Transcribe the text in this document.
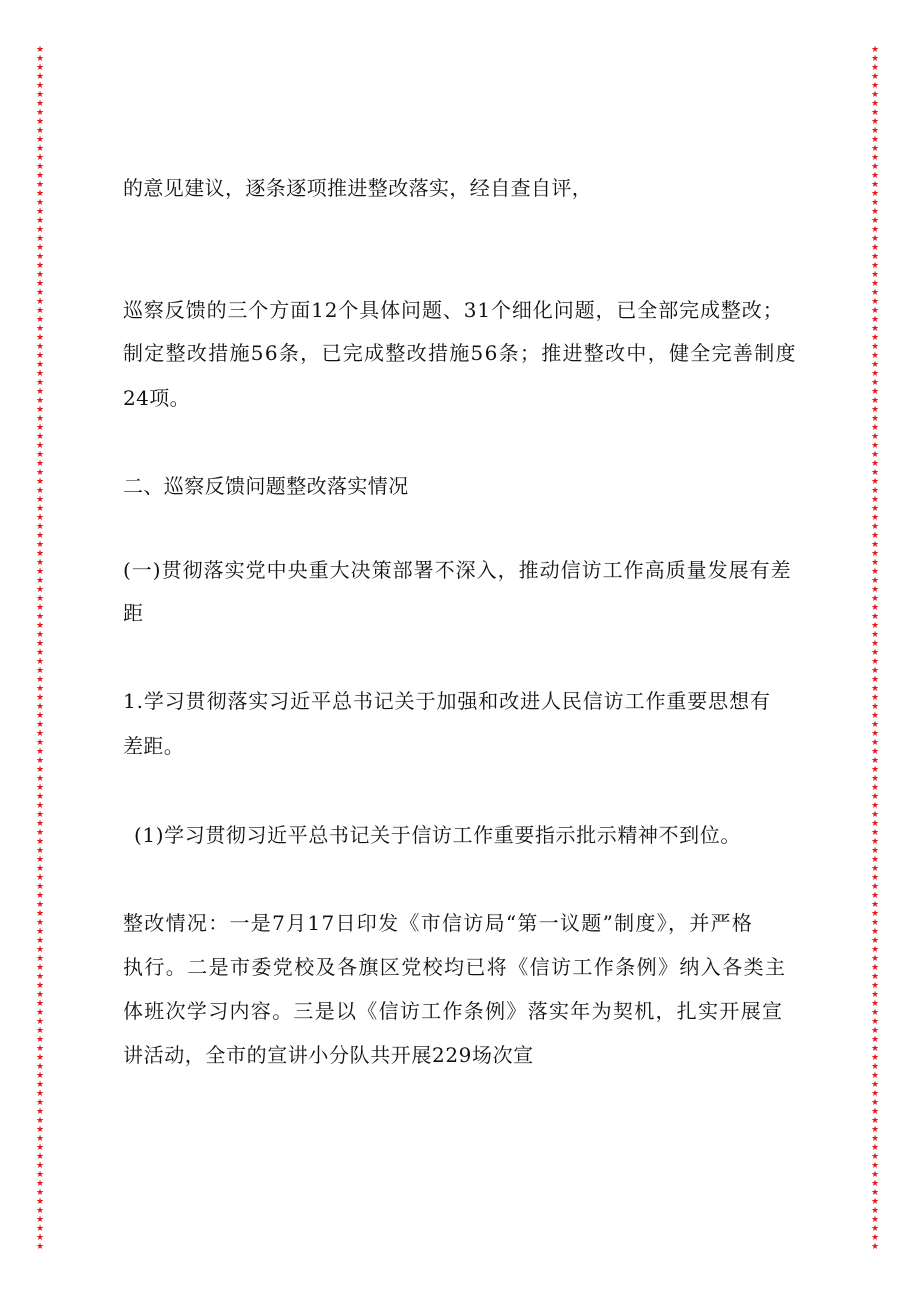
★
★
★
★
★
★
★
★
★
★
★
★
★
★
★
★
★
★
★
★
★
★
★
★
★
★
★
★
★
★
★
★
★
★
★
★
★
★
★
★
★
★
★
★
★
★
★
★
★
★
★
★
★
★
★
★
★
★
★
★
★
★
★
★
★
★
★
★
★
★
★
★
★
★
★
★
★
★
★
★
★
★
★
★
★
★
★
★
★
★
★
★
★
★
★
★
★
★
★
★
★
★
★
★
★
★
★
★
★
★
★
★
★
★
★
★
★
★
★
★
★
★
★
★
★
★
★
★
★
★
★
★
★
★
★
★
★
★
★
★
★
★
★
★
★
★
★
★
★
★
★
★
★
★
★
★
★
★
★
★
★
★
★
★
★
★
★
★
★
★
★
★
★
★
★
★
★
★
★
★
★
★
★
★
★
★
★
★
★
★
★
★
★
★
★
★
★
★
★
★
★
★
★
★
★
★
★
★
★
★
★
★
★
★
★
★
★
★
★
★
★
★
★
★
★
★
★
★
★
★
★
★
★
★
★
★
★
★
★
★
★
★
★
★
★
★
★
★
★
★
★
★
★
★
★
★
★
★
★
★
★
★
★
★
★
★
★
★
的意见建议，逐条逐项推进整改落实，经自查自评，
巡察反馈的三个方面12个具体问题、31个细化问题，已全部完成整改；
制定整改措施56条，已完成整改措施56条；推进整改中，健全完善制度
24项。
二、巡察反馈问题整改落实情况
(一)贯彻落实党中央重大决策部署不深入，推动信访工作高质量发展有差
距
1.学习贯彻落实习近平总书记关于加强和改进人民信访工作重要思想有
差距。
(1)学习贯彻习近平总书记关于信访工作重要指示批示精神不到位。
整改情况：一是7月17日印发《市信访局“第一议题”制度》，并严格
执行。二是市委党校及各旗区党校均已将《信访工作条例》纳入各类主
体班次学习内容。三是以《信访工作条例》落实年为契机，扎实开展宣
讲活动，全市的宣讲小分队共开展229场次宣
